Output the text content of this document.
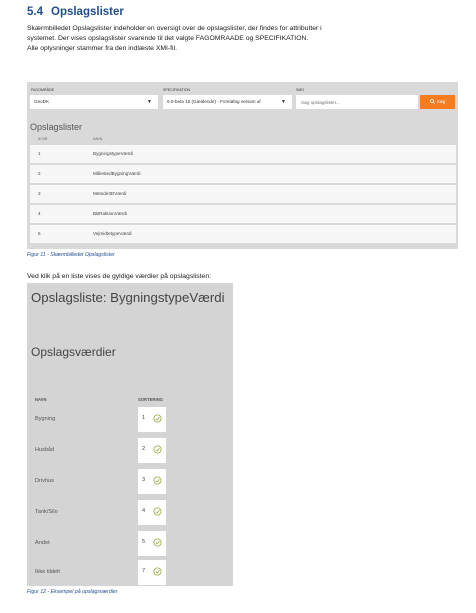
5.4 Opslagslister
Skærmbilledet Opslagslister indeholder en oversigt over de opslagslister, der findes for attributter i
systemet. Der vises opslagslister svarende til det valgte FAGOMRAADE og SPECIFIKATION.
Alle oplysninger stammer fra den indlæste XMI-fil.
FAGOMRÅDE	SPECIFIKATION	SØG
GeoDK	▼	6.0-beta 10 (Gældende) - Foreløbig version af	▼
Søg opslagslister...	Søg
Opslagslister
ID NR.	NAVN
1	BygningstypeVærdi
2	MålestedBygningVærdi
3	Metode3DVærdi
4	BBRaktionVærdi
5	VejmidtetypeVærdi
Figur 11 - Skærmbilledet Opslagslister
Ved klik på en liste vises de gyldige værdier på opslagslisten:
Opslagsliste: BygningstypeVærdi
Opslagsværdier
NAVN	SORTERING
Bygning	1
Husbåd	2
Drivhus	3
Tank/Silo	4
Andet	5
Ikke tildelt	7
Figur 12 - Eksempel på opslagsværdier
